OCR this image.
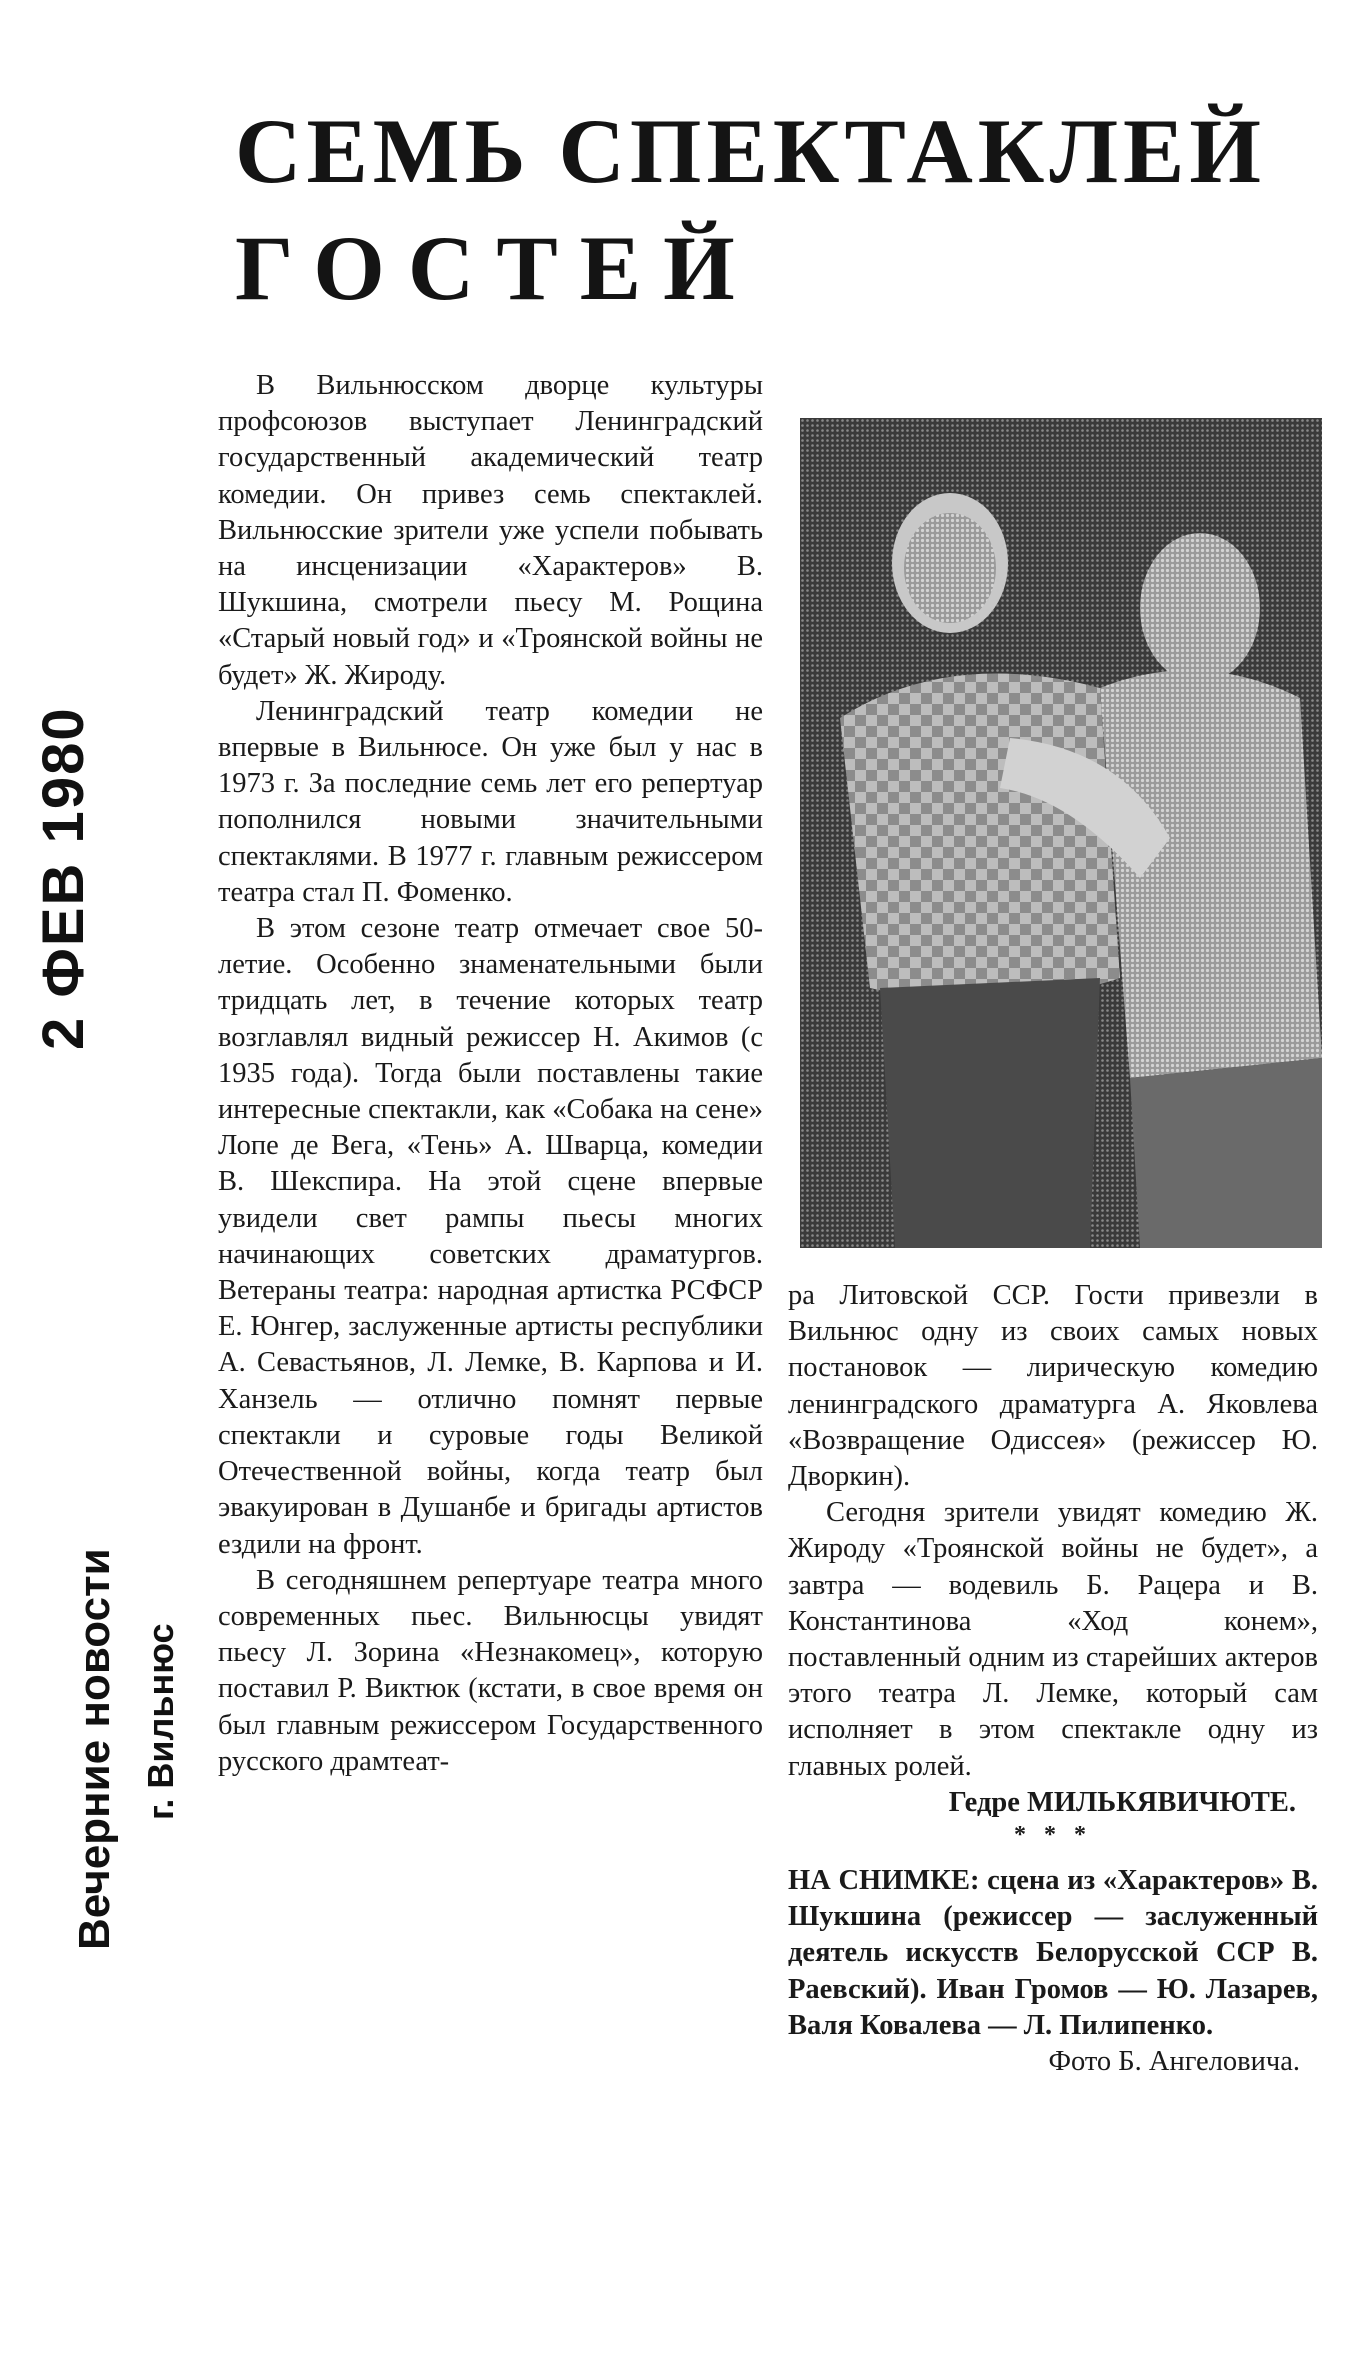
СЕМЬ СПЕКТАКЛЕЙ
ГОСТЕЙ

В Вильнюсском дворце культуры профсоюзов выступает Ленинградский государственный академический театр комедии. Он привез семь спектаклей. Вильнюсские зрители уже успели побывать на инсценизации «Характеров» В. Шукшина, смотрели пьесу М. Рощина «Старый новый год» и «Троянской войны не будет» Ж. Жироду.

Ленинградский театр комедии не впервые в Вильнюсе. Он уже был у нас в 1973 г. За последние семь лет его репертуар пополнился новыми значительными спектаклями. В 1977 г. главным режиссером театра стал П. Фоменко.

В этом сезоне театр отмечает свое 50-летие. Особенно знаменательными были тридцать лет, в течение которых театр возглавлял видный режиссер Н. Акимов (с 1935 года). Тогда были поставлены такие интересные спектакли, как «Собака на сене» Лопе де Вега, «Тень» А. Шварца, комедии В. Шекспира. На этой сцене впервые увидели свет рампы пьесы многих начинающих советских драматургов. Ветераны театра: народная артистка РСФСР Е. Юнгер, заслуженные артисты республики А. Севастьянов, Л. Лемке, В. Карпова и И. Ханзель — отлично помнят первые спектакли и суровые годы Великой Отечественной войны, когда театр был эвакуирован в Душанбе и бригады артистов ездили на фронт.

В сегодняшнем репертуаре театра много современных пьес. Вильнюсцы увидят пьесу Л. Зорина «Незнакомец», которую поставил Р. Виктюк (кстати, в свое время он был главным режиссером Государственного русского драмтеат-

ра Литовской ССР. Гости привезли в Вильнюс одну из своих самых новых постановок — лирическую комедию ленинградского драматурга А. Яковлева «Возвращение Одиссея» (режиссер Ю. Дворкин).

Сегодня зрители увидят комедию Ж. Жироду «Троянской войны не будет», а завтра — водевиль Б. Рацера и В. Константинова «Ход конем», поставленный одним из старейших актеров этого театра Л. Лемке, который сам исполняет в этом спектакле одну из главных ролей.

Гедре МИЛЬКЯВИЧЮТЕ.

* * *

НА СНИМКЕ: сцена из «Характеров» В. Шукшина (режиссер — заслуженный деятель искусств Белорусской ССР В. Раевский). Иван Громов — Ю. Лазарев, Валя Ковалева — Л. Пилипенко.

Фото Б. Ангеловича.

2 ФЕВ 1980
Вечерние новости г. Вильнюс
